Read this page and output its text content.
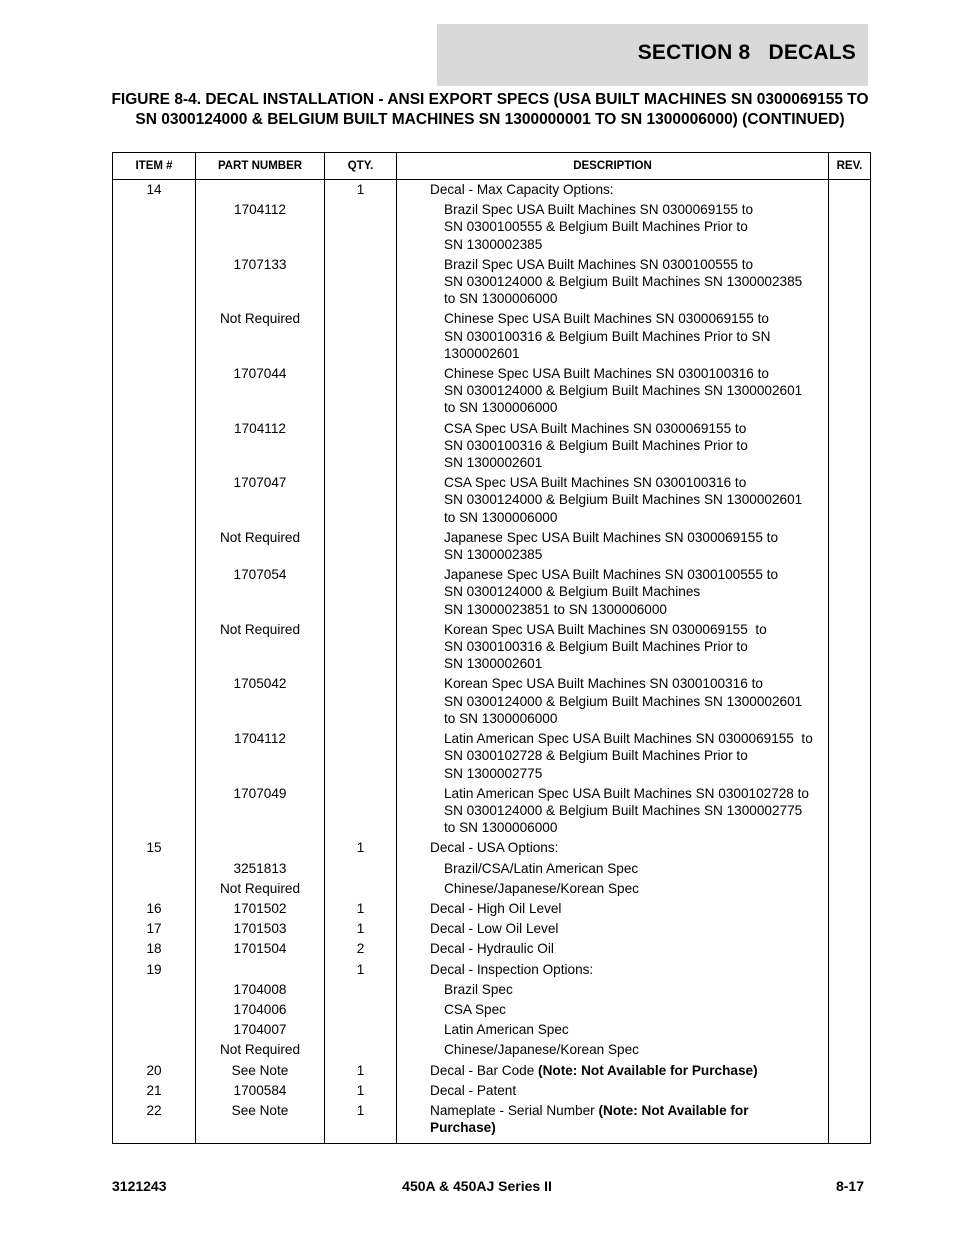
SECTION 8   DECALS
FIGURE 8-4. DECAL INSTALLATION - ANSI EXPORT SPECS (USA BUILT MACHINES SN 0300069155 TO SN 0300124000 & BELGIUM BUILT MACHINES SN 1300000001 TO SN 1300006000) (CONTINUED)
ITEM #	PART NUMBER	QTY.	DESCRIPTION	REV.
14		1	Decal - Max Capacity Options:	
	1704112		Brazil Spec USA Built Machines SN 0300069155 to
SN 0300100555 & Belgium Built Machines Prior to
SN 1300002385	
	1707133		Brazil Spec USA Built Machines SN 0300100555 to
SN 0300124000 & Belgium Built Machines SN 1300002385
to SN 1300006000	
	Not Required		Chinese Spec USA Built Machines SN 0300069155 to
SN 0300100316 & Belgium Built Machines Prior to SN
1300002601	
	1707044		Chinese Spec USA Built Machines SN 0300100316 to
SN 0300124000 & Belgium Built Machines SN 1300002601
to SN 1300006000	
	1704112		CSA Spec USA Built Machines SN 0300069155 to
SN 0300100316 & Belgium Built Machines Prior to
SN 1300002601	
	1707047		CSA Spec USA Built Machines SN 0300100316 to
SN 0300124000 & Belgium Built Machines SN 1300002601
to SN 1300006000	
	Not Required		Japanese Spec USA Built Machines SN 0300069155 to
SN 1300002385	
	1707054		Japanese Spec USA Built Machines SN 0300100555 to
SN 0300124000 & Belgium Built Machines
SN 13000023851 to SN 1300006000	
	Not Required		Korean Spec USA Built Machines SN 0300069155  to
SN 0300100316 & Belgium Built Machines Prior to
SN 1300002601	
	1705042		Korean Spec USA Built Machines SN 0300100316 to
SN 0300124000 & Belgium Built Machines SN 1300002601
to SN 1300006000	
	1704112		Latin American Spec USA Built Machines SN 0300069155  to
SN 0300102728 & Belgium Built Machines Prior to
SN 1300002775	
	1707049		Latin American Spec USA Built Machines SN 0300102728 to
SN 0300124000 & Belgium Built Machines SN 1300002775
to SN 1300006000	
15		1	Decal - USA Options:	
	3251813		Brazil/CSA/Latin American Spec	
	Not Required		Chinese/Japanese/Korean Spec	
16	1701502	1	Decal - High Oil Level	
17	1701503	1	Decal - Low Oil Level	
18	1701504	2	Decal - Hydraulic Oil	
19		1	Decal - Inspection Options:	
	1704008		Brazil Spec	
	1704006		CSA Spec	
	1704007		Latin American Spec	
	Not Required		Chinese/Japanese/Korean Spec	
20	See Note	1	Decal - Bar Code (Note: Not Available for Purchase)	
21	1700584	1	Decal - Patent	
22	See Note	1	Nameplate - Serial Number (Note: Not Available for
Purchase)	
3121243	450A & 450AJ Series II	8-17
